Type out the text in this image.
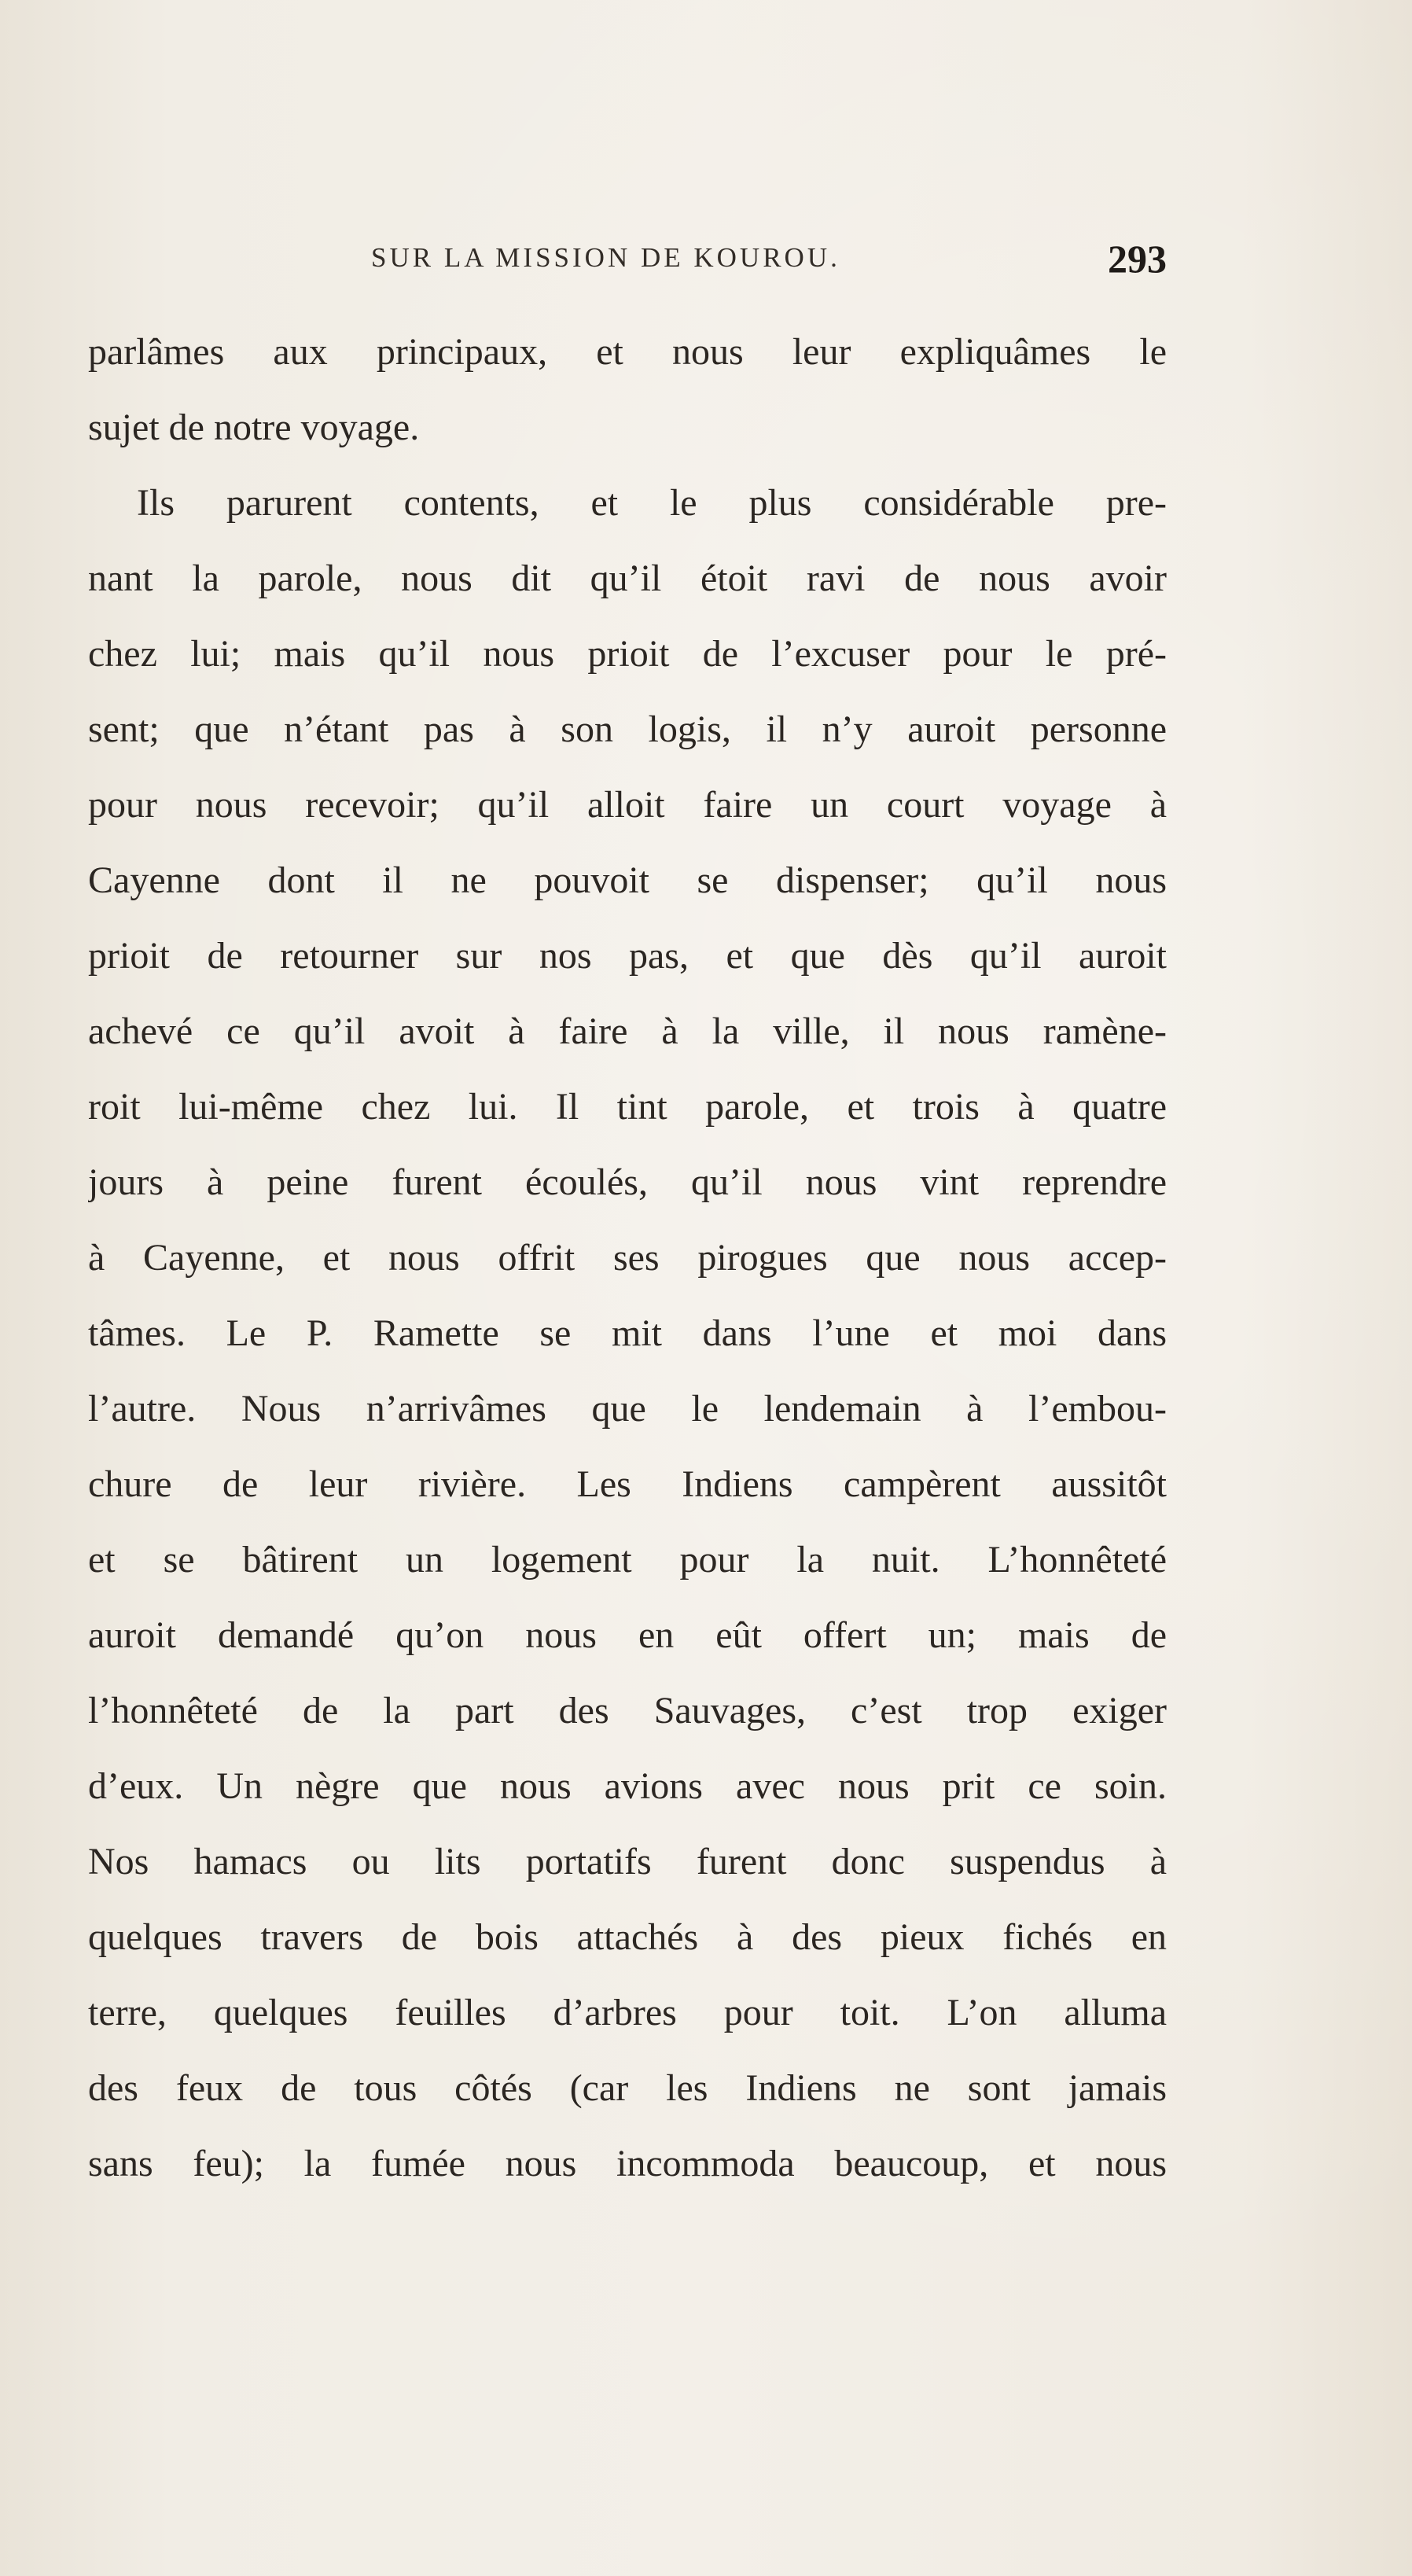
SUR LA MISSION DE KOUROU.	293
parlâmes aux principaux, et nous leur expliquâmes le
sujet de notre voyage.
Ils parurent contents, et le plus considérable pre-
nant la parole, nous dit qu’il étoit ravi de nous avoir
chez lui; mais qu’il nous prioit de l’excuser pour le pré-
sent; que n’étant pas à son logis, il n’y auroit personne
pour nous recevoir; qu’il alloit faire un court voyage à
Cayenne dont il ne pouvoit se dispenser; qu’il nous
prioit de retourner sur nos pas, et que dès qu’il auroit
achevé ce qu’il avoit à faire à la ville, il nous ramène-
roit lui-même chez lui. Il tint parole, et trois à quatre
jours à peine furent écoulés, qu’il nous vint reprendre
à Cayenne, et nous offrit ses pirogues que nous accep-
tâmes. Le P. Ramette se mit dans l’une et moi dans
l’autre. Nous n’arrivâmes que le lendemain à l’embou-
chure de leur rivière. Les Indiens campèrent aussitôt
et se bâtirent un logement pour la nuit. L’honnêteté
auroit demandé qu’on nous en eût offert un; mais de
l’honnêteté de la part des Sauvages, c’est trop exiger
d’eux. Un nègre que nous avions avec nous prit ce soin.
Nos hamacs ou lits portatifs furent donc suspendus à
quelques travers de bois attachés à des pieux fichés en
terre, quelques feuilles d’arbres pour toit. L’on alluma
des feux de tous côtés (car les Indiens ne sont jamais
sans feu); la fumée nous incommoda beaucoup, et nous
